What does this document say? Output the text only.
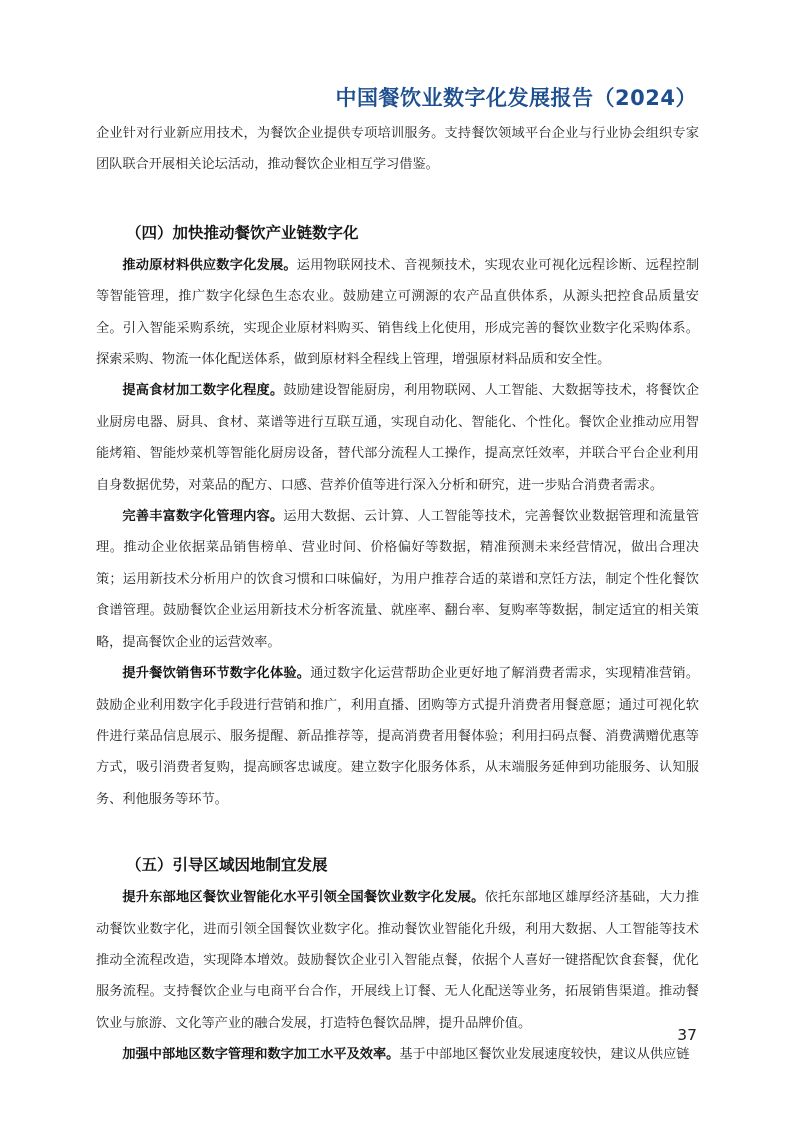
中国餐饮业数字化发展报告（2024）

企业针对行业新应用技术，为餐饮企业提供专项培训服务。支持餐饮领域平台企业与行业协会组织专家团队联合开展相关论坛活动，推动餐饮企业相互学习借鉴。

（四）加快推动餐饮产业链数字化

推动原材料供应数字化发展。运用物联网技术、音视频技术，实现农业可视化远程诊断、远程控制等智能管理，推广数字化绿色生态农业。鼓励建立可溯源的农产品直供体系，从源头把控食品质量安全。引入智能采购系统，实现企业原材料购买、销售线上化使用，形成完善的餐饮业数字化采购体系。探索采购、物流一体化配送体系，做到原材料全程线上管理，增强原材料品质和安全性。

提高食材加工数字化程度。鼓励建设智能厨房，利用物联网、人工智能、大数据等技术，将餐饮企业厨房电器、厨具、食材、菜谱等进行互联互通，实现自动化、智能化、个性化。餐饮企业推动应用智能烤箱、智能炒菜机等智能化厨房设备，替代部分流程人工操作，提高烹饪效率，并联合平台企业利用自身数据优势，对菜品的配方、口感、营养价值等进行深入分析和研究，进一步贴合消费者需求。

完善丰富数字化管理内容。运用大数据、云计算、人工智能等技术，完善餐饮业数据管理和流量管理。推动企业依据菜品销售榜单、营业时间、价格偏好等数据，精准预测未来经营情况，做出合理决策；运用新技术分析用户的饮食习惯和口味偏好，为用户推荐合适的菜谱和烹饪方法，制定个性化餐饮食谱管理。鼓励餐饮企业运用新技术分析客流量、就座率、翻台率、复购率等数据，制定适宜的相关策略，提高餐饮企业的运营效率。

提升餐饮销售环节数字化体验。通过数字化运营帮助企业更好地了解消费者需求，实现精准营销。鼓励企业利用数字化手段进行营销和推广，利用直播、团购等方式提升消费者用餐意愿；通过可视化软件进行菜品信息展示、服务提醒、新品推荐等，提高消费者用餐体验；利用扫码点餐、消费满赠优惠等方式，吸引消费者复购，提高顾客忠诚度。建立数字化服务体系，从末端服务延伸到功能服务、认知服务、利他服务等环节。

（五）引导区域因地制宜发展

提升东部地区餐饮业智能化水平引领全国餐饮业数字化发展。依托东部地区雄厚经济基础，大力推动餐饮业数字化，进而引领全国餐饮业数字化。推动餐饮业智能化升级，利用大数据、人工智能等技术推动全流程改造，实现降本增效。鼓励餐饮企业引入智能点餐，依据个人喜好一键搭配饮食套餐，优化服务流程。支持餐饮企业与电商平台合作，开展线上订餐、无人化配送等业务，拓展销售渠道。推动餐饮业与旅游、文化等产业的融合发展，打造特色餐饮品牌，提升品牌价值。

加强中部地区数字管理和数字加工水平及效率。基于中部地区餐饮业发展速度较快，建议从供应链

37
